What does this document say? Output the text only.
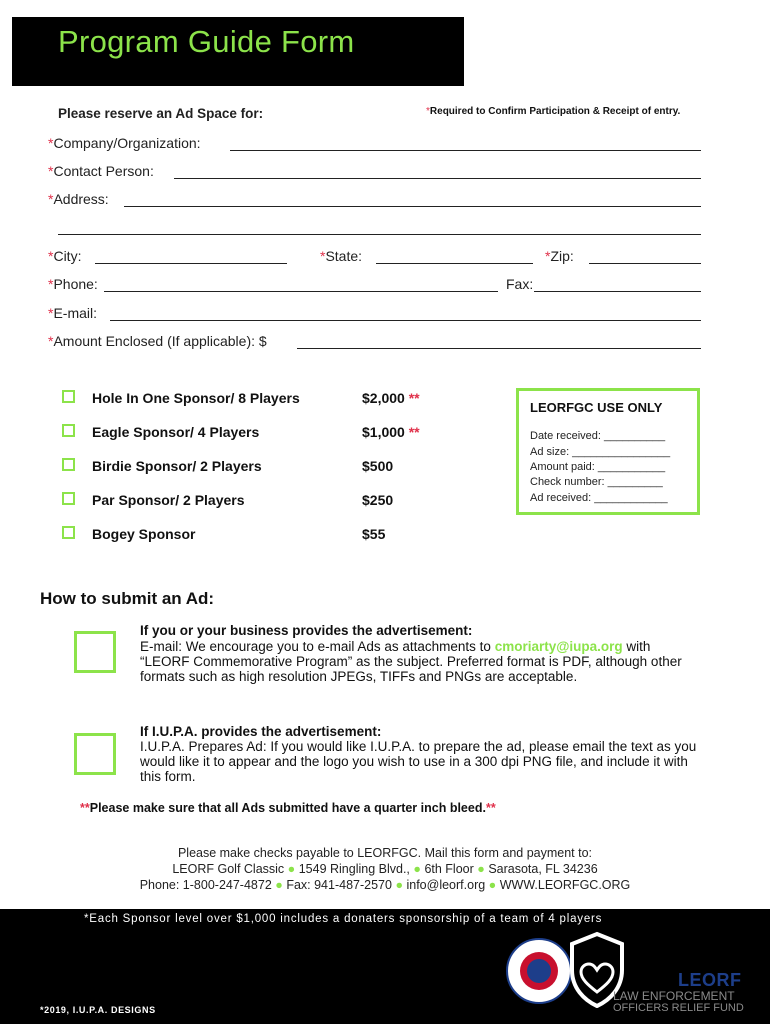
Program Guide Form
Please reserve an Ad Space for:	*Required to Confirm Participation & Receipt of entry.
*Company/Organization:
*Contact Person:
*Address:
*City:	*State:	*Zip:
*Phone:	Fax:
*E-mail:
*Amount Enclosed (If applicable): $
Hole In One Sponsor/ 8 Players	$2,000 **
Eagle Sponsor/ 4 Players	$1,000 **
Birdie Sponsor/ 2 Players	$500
Par Sponsor/ 2 Players	$250
Bogey Sponsor	$55
LEORFGC USE ONLY
Date received: __________
Ad size: ________________
Amount paid: ___________
Check number: _________
Ad received: ____________
How to submit an Ad:
If you or your business provides the advertisement:
E-mail: We encourage you to e-mail Ads as attachments to cmoriarty@iupa.org with “LEORF Commemorative Program” as the subject. Preferred format is PDF, although other formats such as high resolution JPEGs, TIFFs and PNGs are acceptable.
If I.U.P.A. provides the advertisement:
I.U.P.A. Prepares Ad: If you would like I.U.P.A. to prepare the ad, please email the text as you would like it to appear and the logo you wish to use in a 300 dpi PNG file, and include it with this form.
**Please make sure that all Ads submitted have a quarter inch bleed.**
Please make checks payable to LEORFGC. Mail this form and payment to:
LEORF Golf Classic ● 1549 Ringling Blvd., ● 6th Floor ● Sarasota, FL 34236
Phone: 1-800-247-4872 ● Fax: 941-487-2570 ● info@leorf.org ● WWW.LEORFGC.ORG
*Each Sponsor level over $1,000 includes a donaters sponsorship of a team of 4 players
*2019, I.U.P.A. DESIGNS
LEORF
LAW ENFORCEMENT
OFFICERS RELIEF FUND
